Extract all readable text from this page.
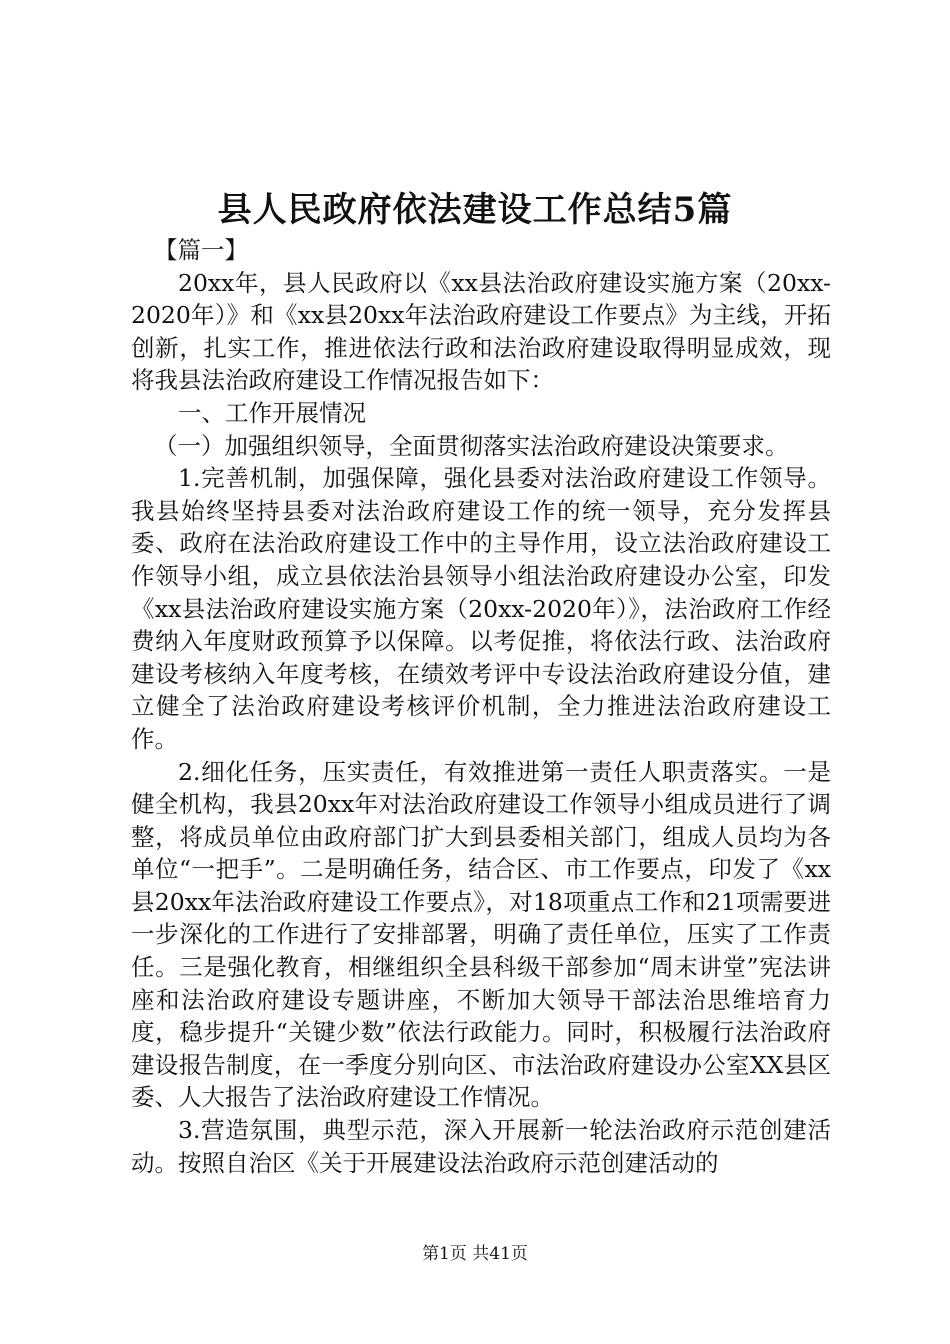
县人民政府依法建设工作总结5篇

【篇一】

20xx年，县人民政府以《xx县法治政府建设实施方案（20xx-2020年）》和《xx县20xx年法治政府建设工作要点》为主线，开拓创新，扎实工作，推进依法行政和法治政府建设取得明显成效，现将我县法治政府建设工作情况报告如下：

一、工作开展情况

（一）加强组织领导，全面贯彻落实法治政府建设决策要求。

1.完善机制，加强保障，强化县委对法治政府建设工作领导。我县始终坚持县委对法治政府建设工作的统一领导，充分发挥县委、政府在法治政府建设工作中的主导作用，设立法治政府建设工作领导小组，成立县依法治县领导小组法治政府建设办公室，印发《xx县法治政府建设实施方案（20xx-2020年）》，法治政府工作经费纳入年度财政预算予以保障。以考促推，将依法行政、法治政府建设考核纳入年度考核，在绩效考评中专设法治政府建设分值，建立健全了法治政府建设考核评价机制，全力推进法治政府建设工作。

2.细化任务，压实责任，有效推进第一责任人职责落实。一是健全机构，我县20xx年对法治政府建设工作领导小组成员进行了调整，将成员单位由政府部门扩大到县委相关部门，组成人员均为各单位“一把手”。二是明确任务，结合区、市工作要点，印发了《xx县20xx年法治政府建设工作要点》，对18项重点工作和21项需要进一步深化的工作进行了安排部署，明确了责任单位，压实了工作责任。三是强化教育，相继组织全县科级干部参加“周末讲堂”宪法讲座和法治政府建设专题讲座，不断加大领导干部法治思维培育力度，稳步提升“关键少数”依法行政能力。同时，积极履行法治政府建设报告制度，在一季度分别向区、市法治政府建设办公室XX县区委、人大报告了法治政府建设工作情况。

3.营造氛围，典型示范，深入开展新一轮法治政府示范创建活动。按照自治区《关于开展建设法治政府示范创建活动的

第1页 共41页
